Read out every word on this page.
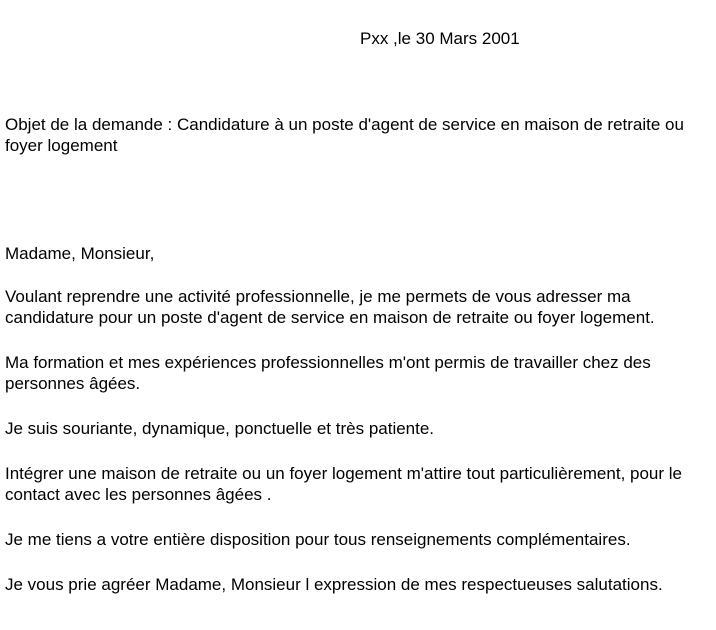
Pxx ,le 30 Mars 2001
Objet de la demande : Candidature à un poste d'agent de service en maison de retraite ou foyer logement

Madame, Monsieur,

Voulant reprendre une activité professionnelle, je me permets de vous adresser ma candidature pour un poste d'agent de service en maison de retraite ou foyer logement.

Ma formation et mes expériences professionnelles m'ont permis de travailler chez des personnes âgées.

Je suis souriante, dynamique, ponctuelle et très patiente.

Intégrer une maison de retraite ou un foyer logement m'attire tout particulièrement, pour le contact avec les personnes âgées .

Je me tiens a votre entière disposition pour tous renseignements complémentaires.

Je vous prie agréer Madame, Monsieur l expression de mes respectueuses salutations.
